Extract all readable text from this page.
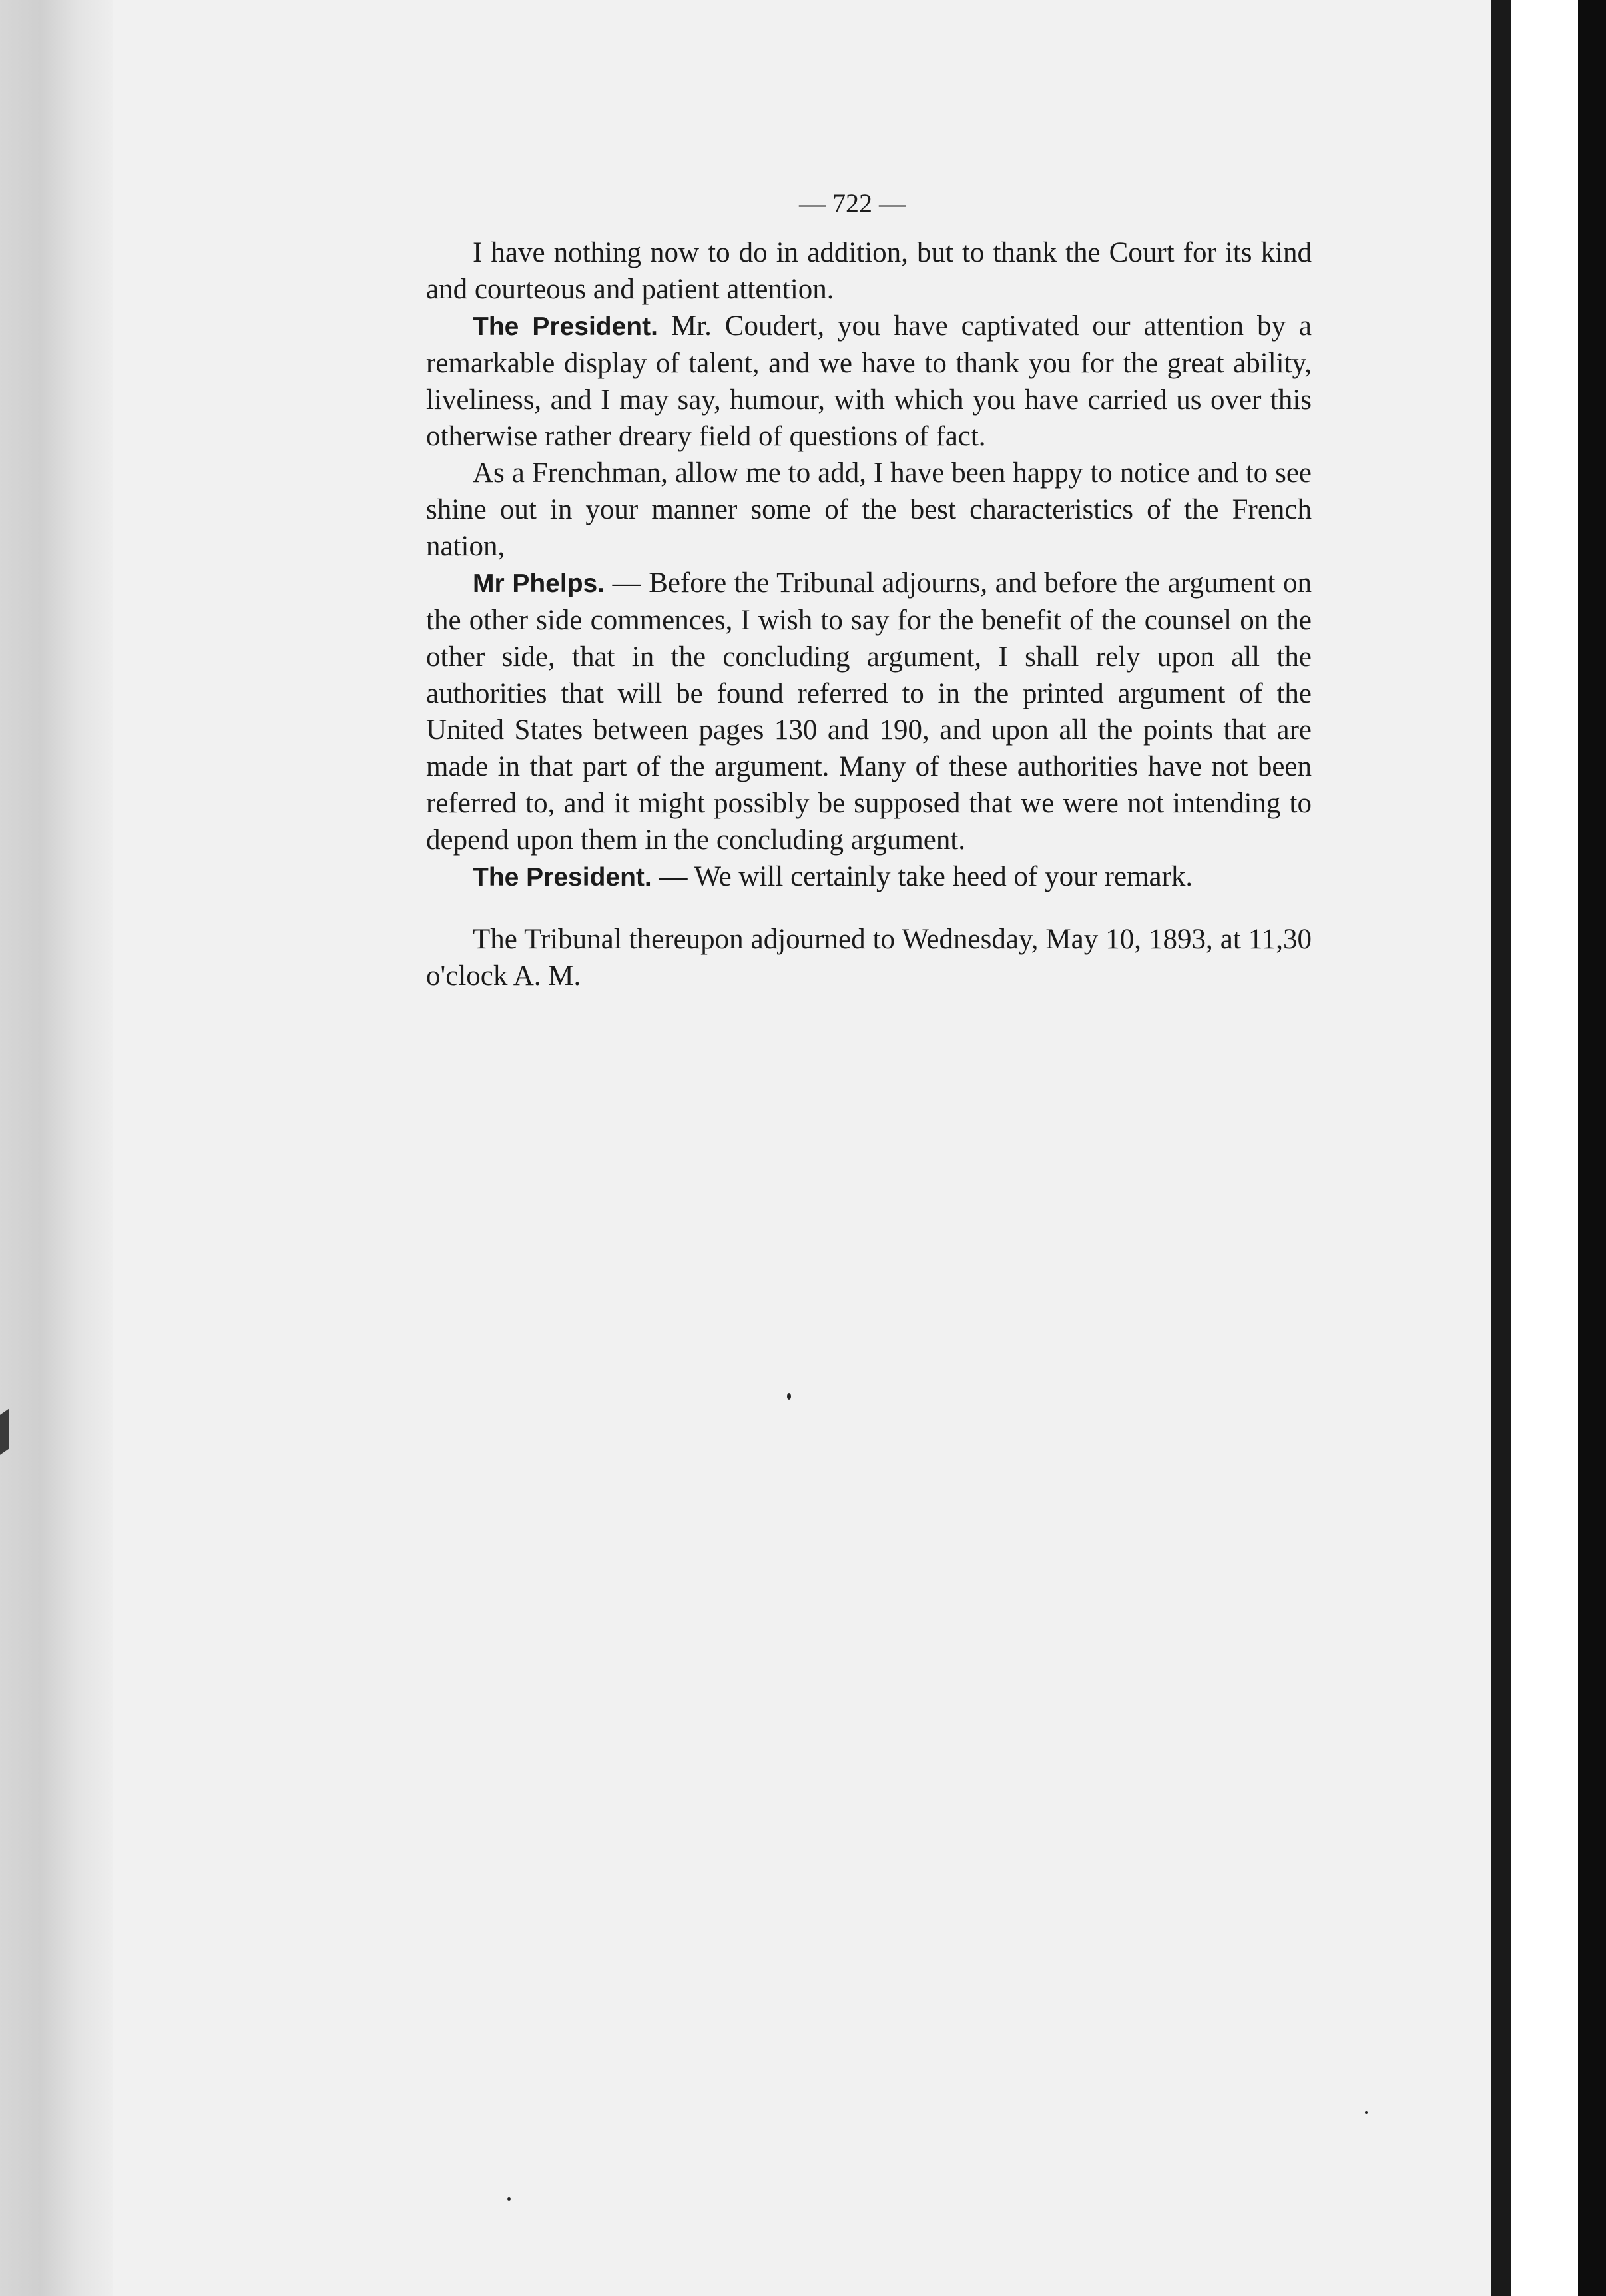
— 722 —

I have nothing now to do in addition, but to thank the Court for its kind and courteous and patient attention.

The President. Mr. Coudert, you have captivated our attention by a remarkable display of talent, and we have to thank you for the great ability, liveliness, and I may say, humour, with which you have carried us over this otherwise rather dreary field of questions of fact.

As a Frenchman, allow me to add, I have been happy to notice and to see shine out in your manner some of the best characteristics of the French nation,

Mr Phelps. — Before the Tribunal adjourns, and before the argument on the other side commences, I wish to say for the benefit of the counsel on the other side, that in the concluding argument, I shall rely upon all the authorities that will be found referred to in the printed argument of the United States between pages 130 and 190, and upon all the points that are made in that part of the argument. Many of these authorities have not been referred to, and it might possibly be supposed that we were not intending to depend upon them in the concluding argument.

The President. — We will certainly take heed of your remark.

The Tribunal thereupon adjourned to Wednesday, May 10, 1893, at 11,30 o'clock A. M.
